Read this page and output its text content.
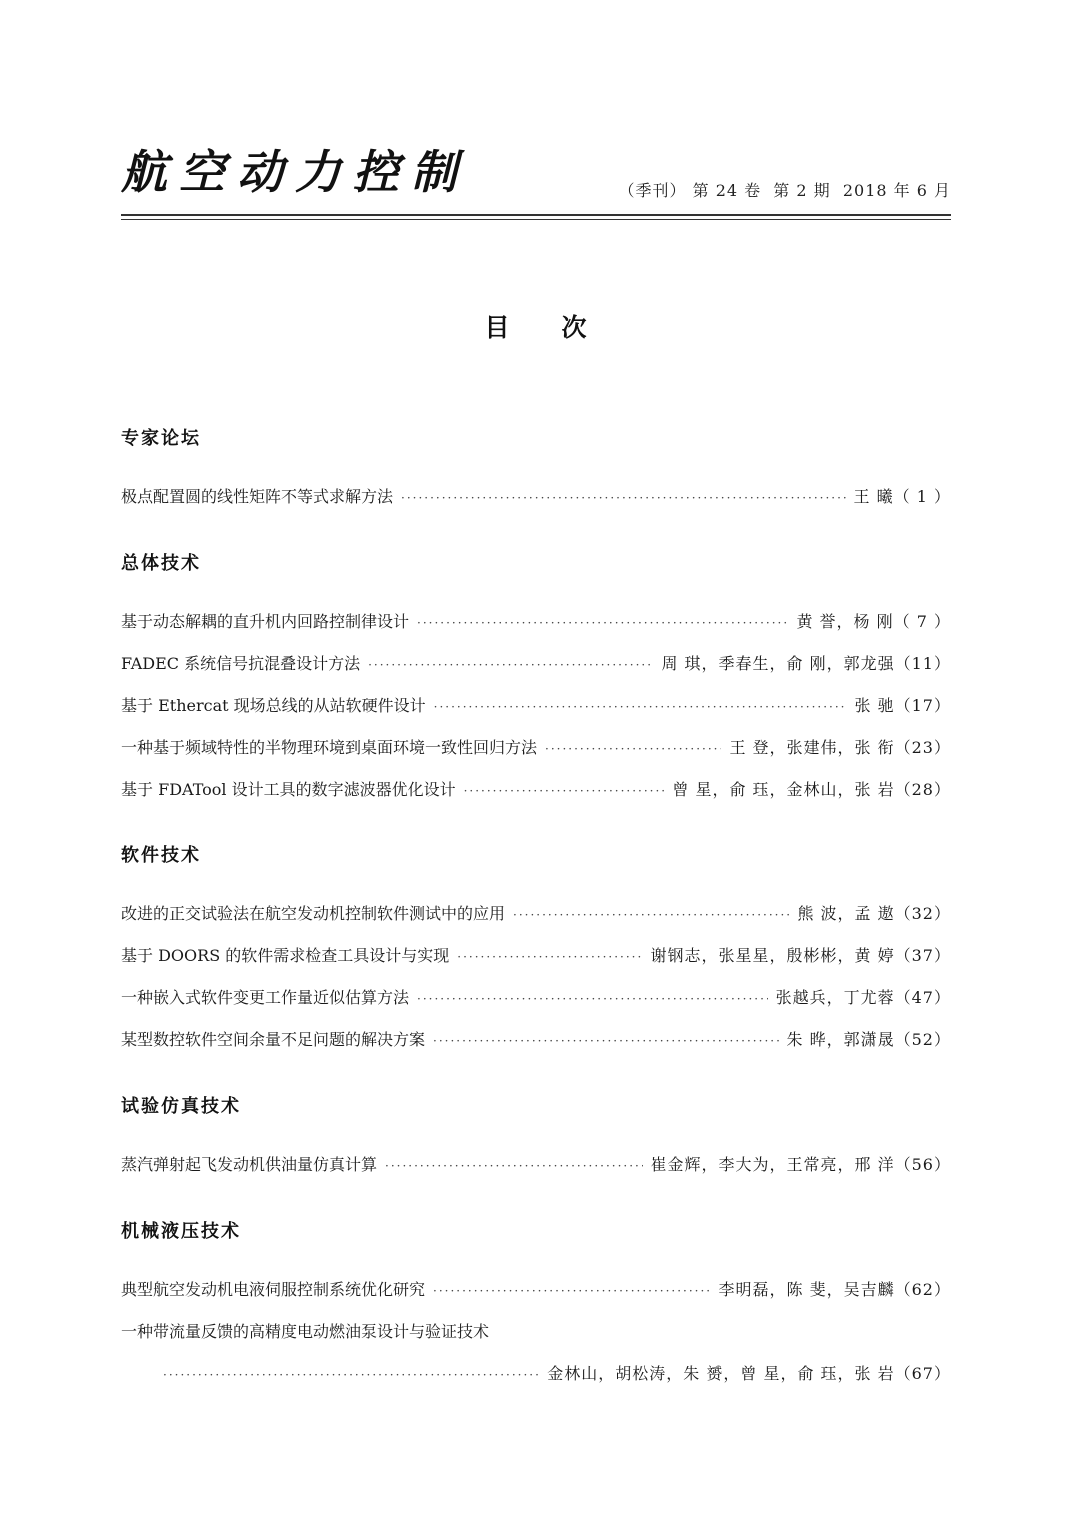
航空动力控制	（季刊） 第 24 卷  第 2 期  2018 年 6 月
目次
专家论坛
极点配置圆的线性矩阵不等式求解方法 ·····	王 曦 （ 1 ）
总体技术
基于动态解耦的直升机内回路控制律设计 ·····	黄 誉，杨 刚 （ 7 ）
FADEC 系统信号抗混叠设计方法 ·····	周 琪，季春生，俞 刚，郭龙强 （11）
基于 Ethercat 现场总线的从站软硬件设计 ·····	张 驰 （17）
一种基于频域特性的半物理环境到桌面环境一致性回归方法 ·····	王 登，张建伟，张 衔 （23）
基于 FDATool 设计工具的数字滤波器优化设计 ·····	曾 星，俞 珏，金林山，张 岩 （28）
软件技术
改进的正交试验法在航空发动机控制软件测试中的应用 ·····	熊 波，孟 遨 （32）
基于 DOORS 的软件需求检查工具设计与实现 ·····	谢钢志，张星星，殷彬彬，黄 婷 （37）
一种嵌入式软件变更工作量近似估算方法 ·····	张越兵，丁尤蓉 （47）
某型数控软件空间余量不足问题的解决方案 ·····	朱 晔，郭潇晟 （52）
试验仿真技术
蒸汽弹射起飞发动机供油量仿真计算 ·····	崔金辉，李大为，王常亮，邢 洋 （56）
机械液压技术
典型航空发动机电液伺服控制系统优化研究 ·····	李明磊，陈 斐，吴吉麟 （62）
一种带流量反馈的高精度电动燃油泵设计与验证技术
·····
金林山，胡松涛，朱 赟，曾 星，俞 珏，张 岩 （67）
